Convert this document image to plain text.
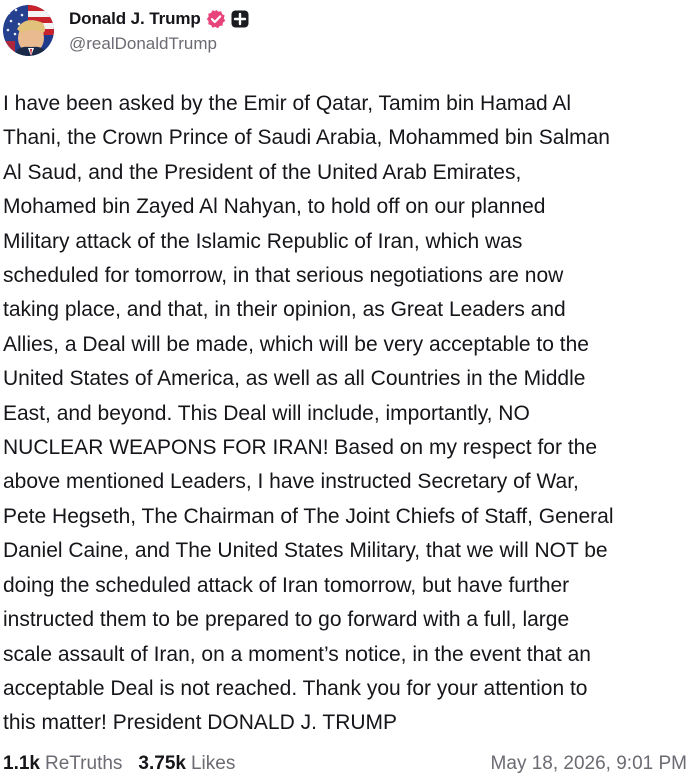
Donald J. Trump
@realDonaldTrump
I have been asked by the Emir of Qatar, Tamim bin Hamad Al
Thani, the Crown Prince of Saudi Arabia, Mohammed bin Salman
Al Saud, and the President of the United Arab Emirates,
Mohamed bin Zayed Al Nahyan, to hold off on our planned
Military attack of the Islamic Republic of Iran, which was
scheduled for tomorrow, in that serious negotiations are now
taking place, and that, in their opinion, as Great Leaders and
Allies, a Deal will be made, which will be very acceptable to the
United States of America, as well as all Countries in the Middle
East, and beyond. This Deal will include, importantly, NO
NUCLEAR WEAPONS FOR IRAN! Based on my respect for the
above mentioned Leaders, I have instructed Secretary of War,
Pete Hegseth, The Chairman of The Joint Chiefs of Staff, General
Daniel Caine, and The United States Military, that we will NOT be
doing the scheduled attack of Iran tomorrow, but have further
instructed them to be prepared to go forward with a full, large
scale assault of Iran, on a moment’s notice, in the event that an
acceptable Deal is not reached. Thank you for your attention to
this matter! President DONALD J. TRUMP
1.1k ReTruths 3.75k Likes	May 18, 2026, 9:01 PM
